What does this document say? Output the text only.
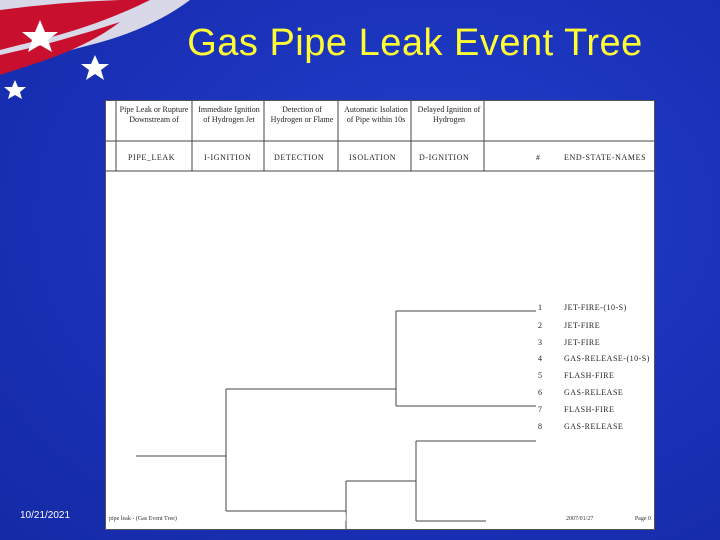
Gas Pipe Leak Event Tree
Pipe Leak or Rupture Downstream of
Immediate Ignition of Hydrogen Jet
Detection of Hydrogen or Flame
Automatic Isolation of Pipe within 10s
Delayed Ignition of Hydrogen
PIPE_LEAK	I-IGNITION	DETECTION	ISOLATION	D-IGNITION	#	END-STATE-NAMES
1	JET-FIRE-(10-S)
2	JET-FIRE
3	JET-FIRE
4	GAS-RELEASE-(10-S)
5	FLASH-FIRE
6	GAS-RELEASE
7	FLASH-FIRE
8	GAS-RELEASE
pipe leak - (Gas Event Tree)	2007/01/27	Page 0
10/21/2021	Preliminary Data
